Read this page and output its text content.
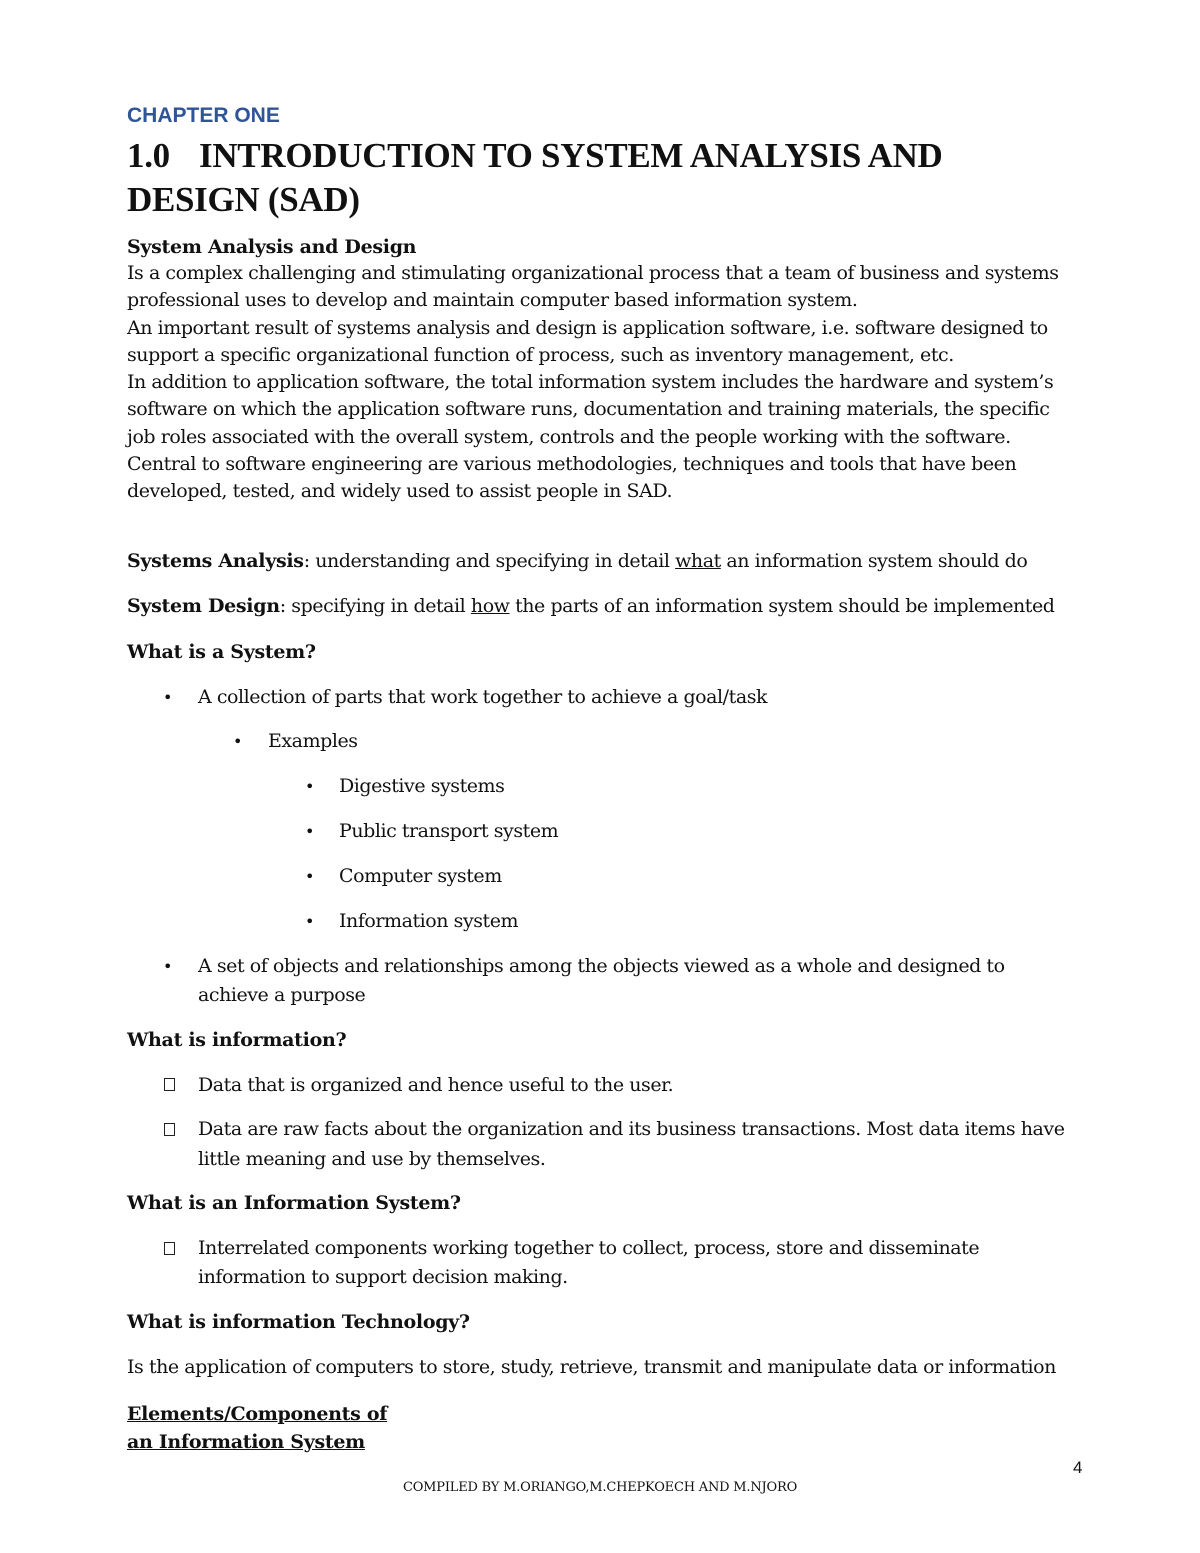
CHAPTER ONE
1.0 INTRODUCTION TO SYSTEM ANALYSIS AND
DESIGN (SAD)
System Analysis and Design
Is a complex challenging and stimulating organizational process that a team of business and systems
professional uses to develop and maintain computer based information system.
An important result of systems analysis and design is application software, i.e. software designed to
support a specific organizational function of process, such as inventory management, etc.
In addition to application software, the total information system includes the hardware and system’s
software on which the application software runs, documentation and training materials, the specific
job roles associated with the overall system, controls and the people working with the software.
Central to software engineering are various methodologies, techniques and tools that have been
developed, tested, and widely used to assist people in SAD.
Systems Analysis: understanding and specifying in detail what an information system should do
System Design: specifying in detail how the parts of an information system should be implemented
What is a System?
• A collection of parts that work together to achieve a goal/task
• Examples
• Digestive systems
• Public transport system
• Computer system
• Information system
• A set of objects and relationships among the objects viewed as a whole and designed to
achieve a purpose
What is information?
Data that is organized and hence useful to the user.
Data are raw facts about the organization and its business transactions. Most data items have
little meaning and use by themselves.
What is an Information System?
Interrelated components working together to collect, process, store and disseminate
information to support decision making.
What is information Technology?
Is the application of computers to store, study, retrieve, transmit and manipulate data or information
Elements/Components of
an Information System
4
COMPILED BY M.ORIANGO,M.CHEPKOECH AND M.NJORO
